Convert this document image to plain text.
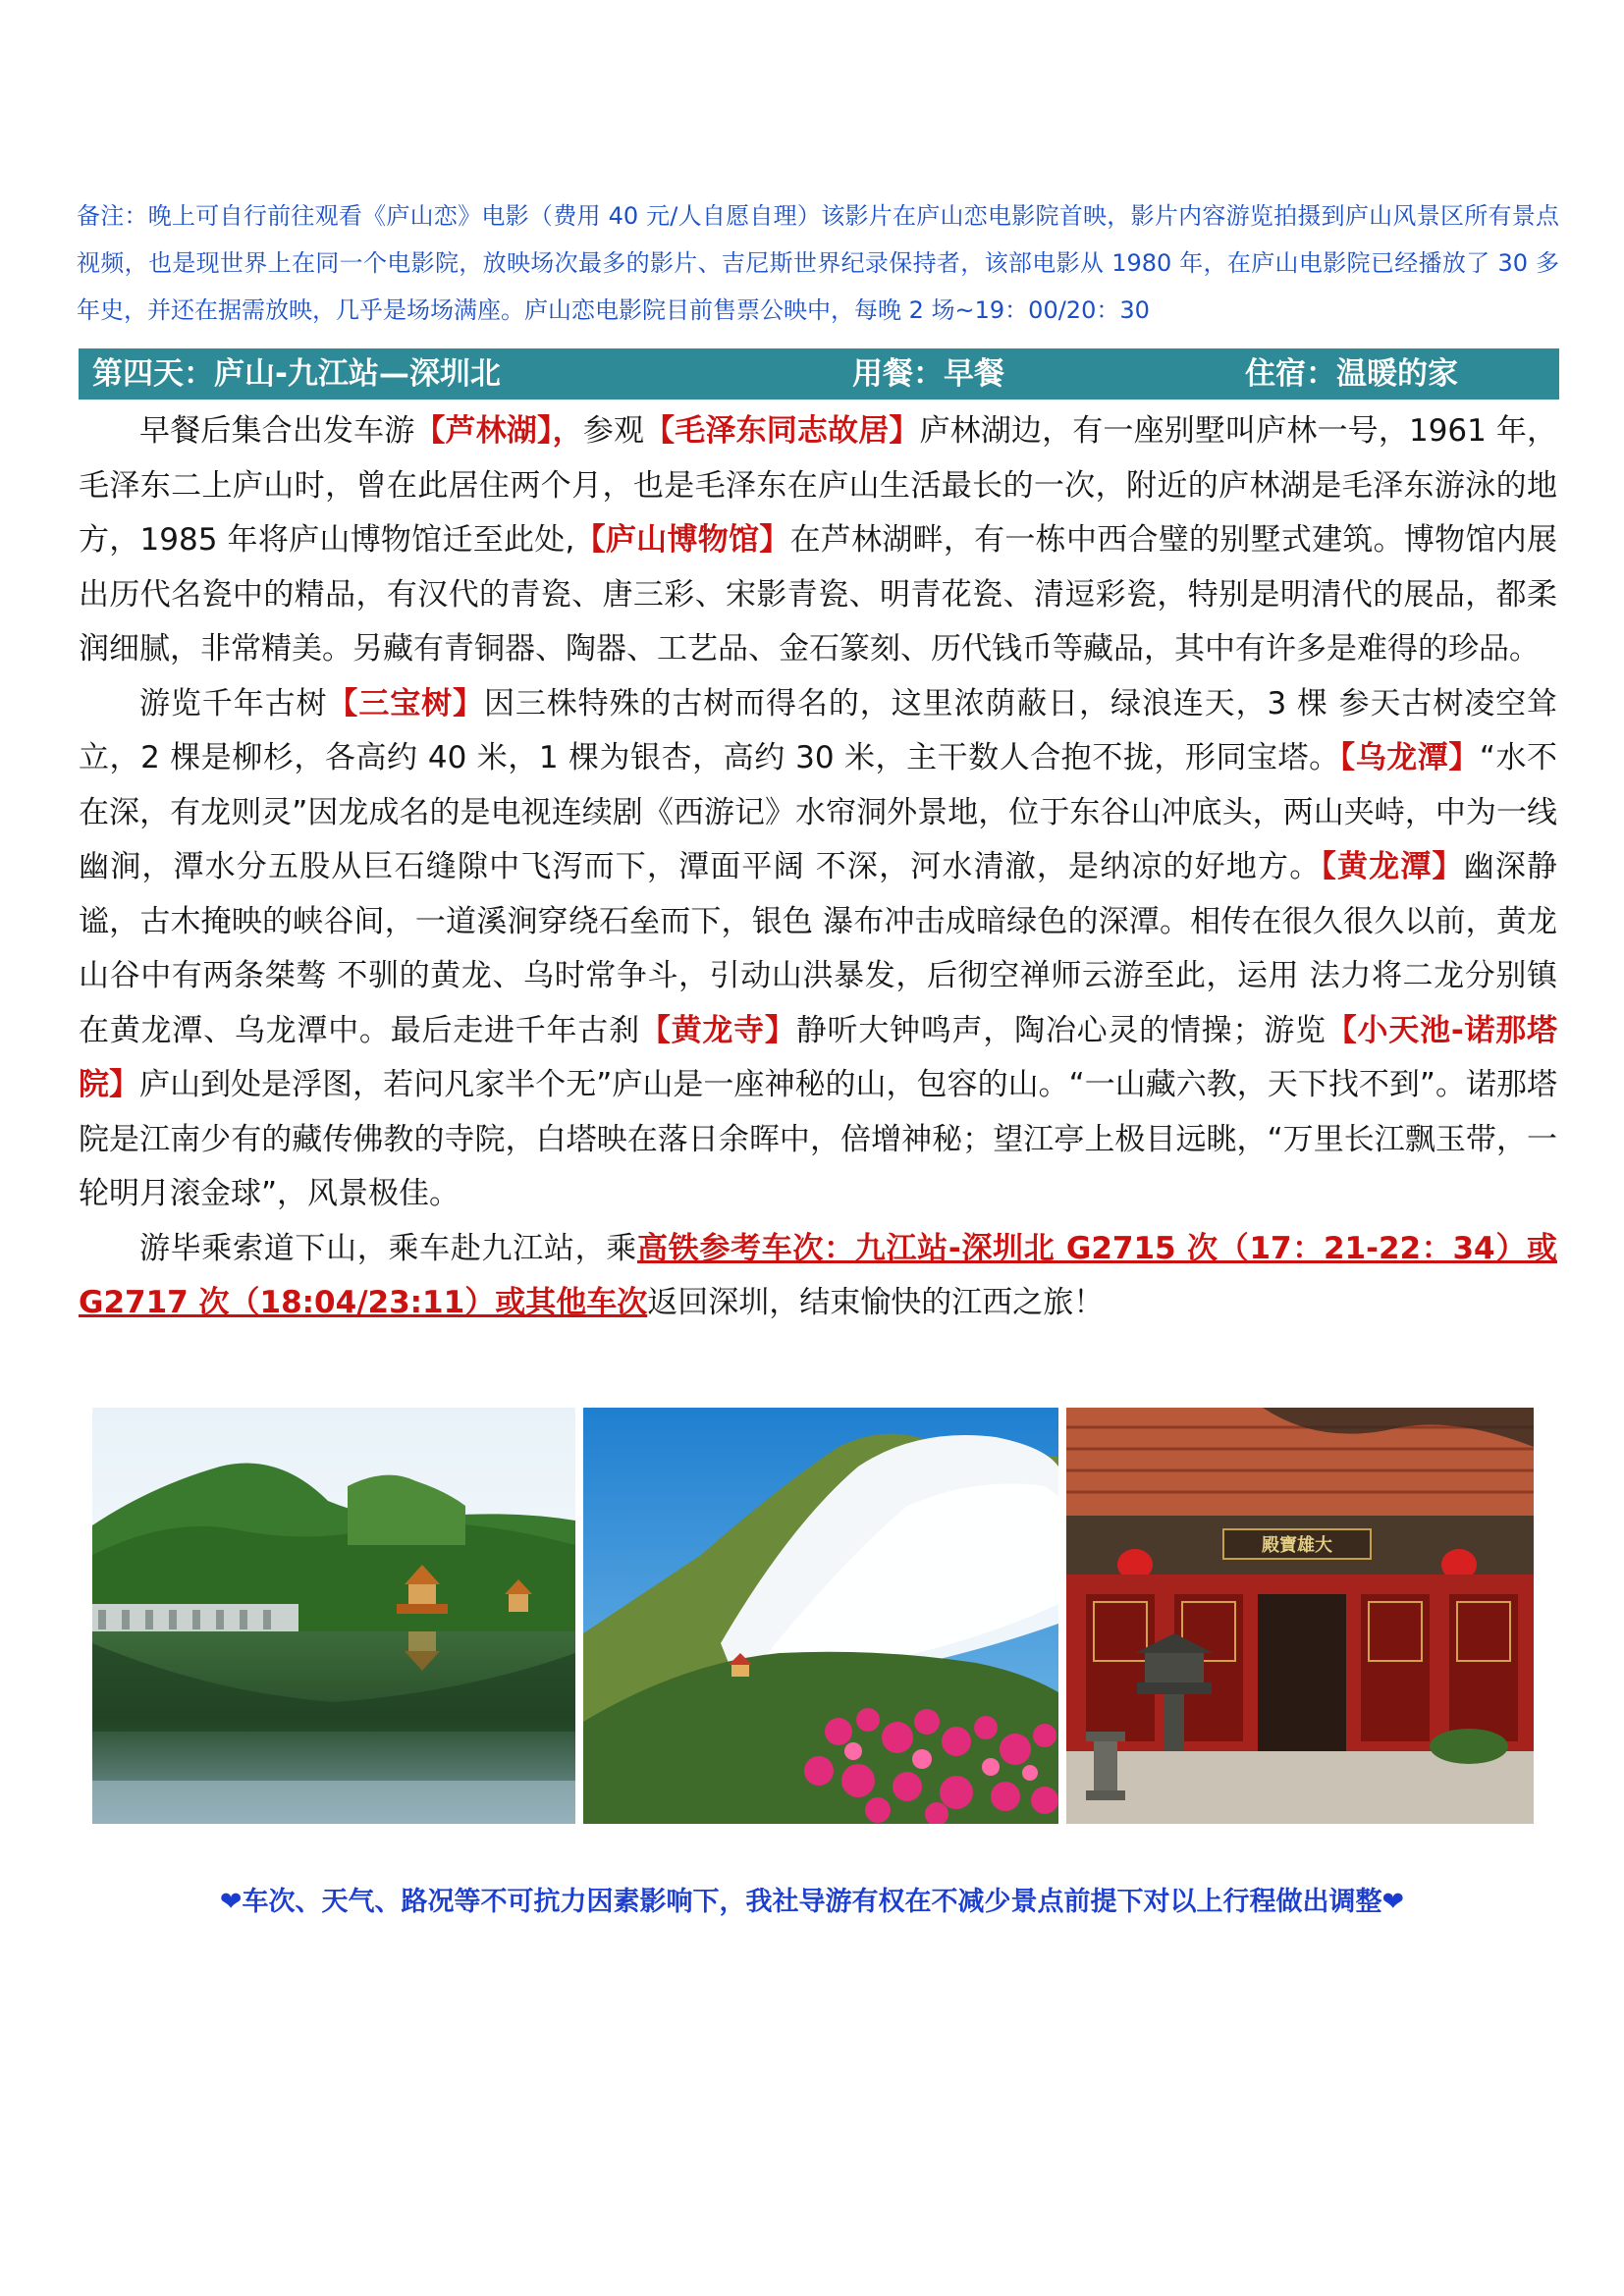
备注：晚上可自行前往观看《庐山恋》电影（费用 40 元/人自愿自理）该影片在庐山恋电影院首映，影片内容游览拍摄到庐山风景区所有景点视频，也是现世界上在同一个电影院，放映场次最多的影片、吉尼斯世界纪录保持者，该部电影从 1980 年，在庐山电影院已经播放了 30 多年史，并还在据需放映，几乎是场场满座。庐山恋电影院目前售票公映中，每晚 2 场~19：00/20：30
第四天：庐山-九江站—深圳北	用餐：早餐	住宿：温暖的家

早餐后集合出发车游【芦林湖】，参观【毛泽东同志故居】庐林湖边，有一座别墅叫庐林一号，1961 年，毛泽东二上庐山时，曾在此居住两个月，也是毛泽东在庐山生活最长的一次，附近的庐林湖是毛泽东游泳的地方，1985 年将庐山博物馆迁至此处,【庐山博物馆】在芦林湖畔，有一栋中西合璧的别墅式建筑。博物馆内展出历代名瓷中的精品，有汉代的青瓷、唐三彩、宋影青瓷、明青花瓷、清逗彩瓷，特别是明清代的展品，都柔润细腻，非常精美。另藏有青铜器、陶器、工艺品、金石篆刻、历代钱币等藏品，其中有许多是难得的珍品。

游览千年古树【三宝树】因三株特殊的古树而得名的，这里浓荫蔽日，绿浪连天，3 棵 参天古树凌空耸立，2 棵是柳杉，各高约 40 米，1 棵为银杏，高约 30 米，主干数人合抱不拢，形同宝塔。【乌龙潭】“水不在深，有龙则灵”因龙成名的是电视连续剧《西游记》水帘洞外景地，位于东谷山冲底头，两山夹峙，中为一线幽涧，潭水分五股从巨石缝隙中飞泻而下，潭面平阔 不深，河水清澈，是纳凉的好地方。【黄龙潭】幽深静谧，古木掩映的峡谷间，一道溪涧穿绕石垒而下，银色 瀑布冲击成暗绿色的深潭。相传在很久很久以前，黄龙山谷中有两条桀骜 不驯的黄龙、乌时常争斗，引动山洪暴发，后彻空禅师云游至此，运用 法力将二龙分别镇在黄龙潭、乌龙潭中。最后走进千年古刹【黄龙寺】静听大钟鸣声，陶冶心灵的情操；游览【小天池-诺那塔院】庐山到处是浮图，若问凡家半个无”庐山是一座神秘的山，包容的山。“一山藏六教，天下找不到”。诺那塔院是江南少有的藏传佛教的寺院，白塔映在落日余晖中，倍增神秘；望江亭上极目远眺，“万里长江飘玉带，一轮明月滚金球”，风景极佳。

游毕乘索道下山，乘车赴九江站，乘高铁参考车次：九江站-深圳北 G2715 次（17：21-22：34）或 G2717 次（18:04/23:11）或其他车次返回深圳，结束愉快的江西之旅！

殿寶雄大
❤车次、天气、路况等不可抗力因素影响下，我社导游有权在不减少景点前提下对以上行程做出调整❤
